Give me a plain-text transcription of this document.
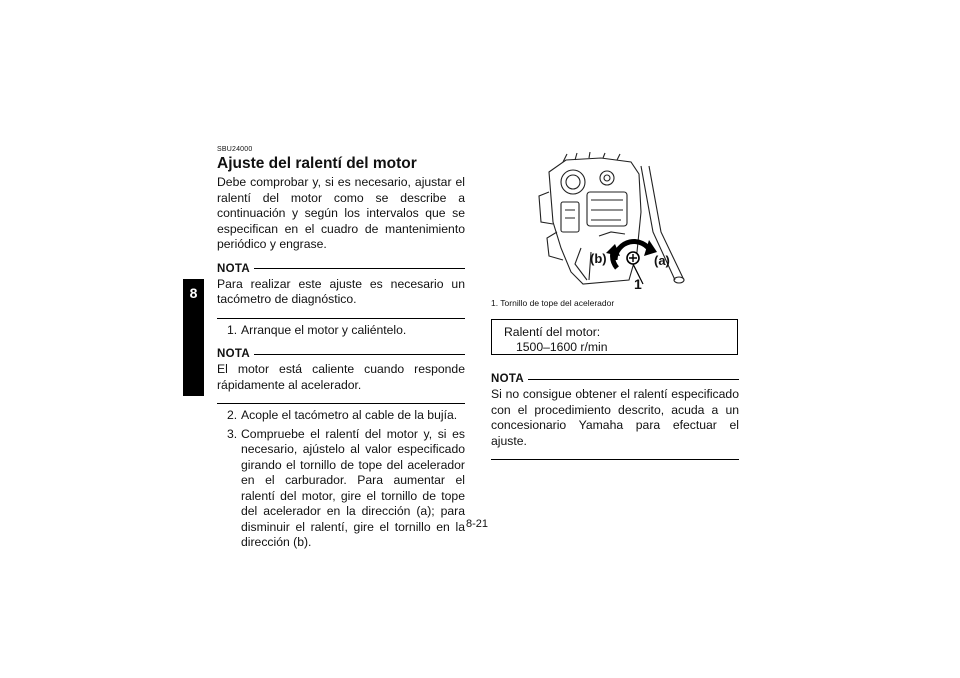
8
SBU24000
Ajuste del ralentí del motor

Debe comprobar y, si es necesario, ajustar el ralentí del motor como se describe a continuación y según los intervalos que se especifican en el cuadro de mantenimiento periódico y engrase.

NOTA

Para realizar este ajuste es necesario un tacómetro de diagnóstico.

1. Arranque el motor y caliéntelo.
NOTA

El motor está caliente cuando responde rápidamente al acelerador.

2. Acople el tacómetro al cable de la bujía.
3. Compruebe el ralentí del motor y, si es necesario, ajústelo al valor especificado girando el tornillo de tope del acelerador en el carburador. Para aumentar el ralentí del motor, gire el tornillo de tope del acelerador en la dirección (a); para disminuir el ralentí, gire el tornillo en la dirección (b).
(b)	(a)
1
1. Tornillo de tope del acelerador
Ralentí del motor:
1500–1600 r/min
NOTA

Si no consigue obtener el ralentí especificado con el procedimiento descrito, acuda a un concesionario Yamaha para efectuar el ajuste.

8-21
